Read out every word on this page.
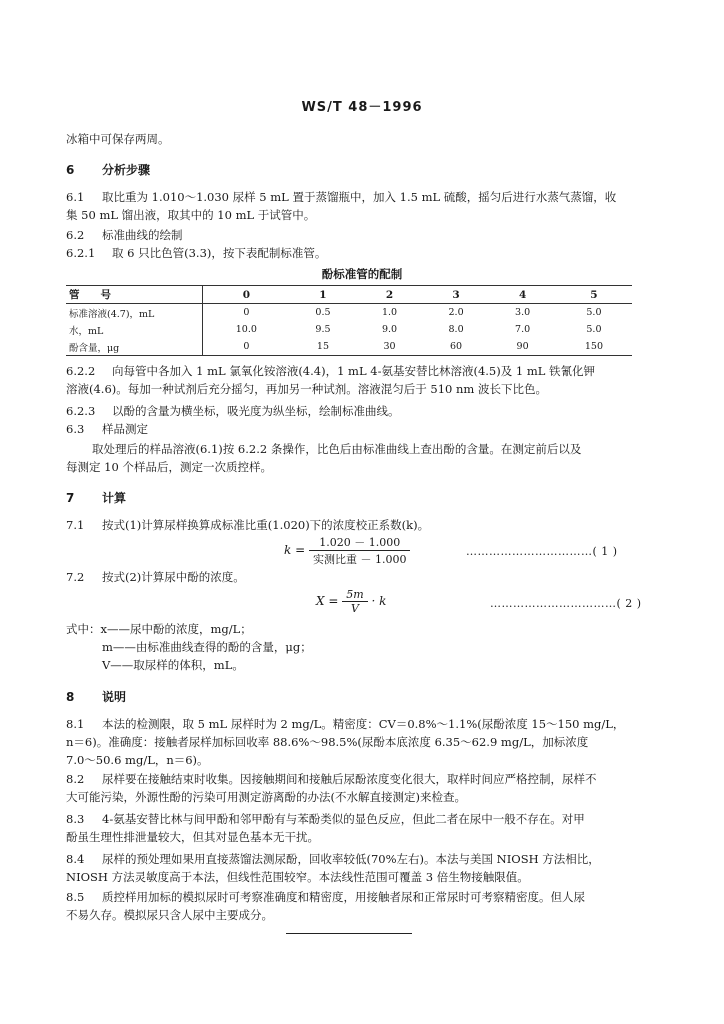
WS/T 48－1996
冰箱中可保存两周。
6 分析步骤
6.1 取比重为 1.010～1.030 尿样 5 mL 置于蒸馏瓶中，加入 1.5 mL 硫酸，摇匀后进行水蒸气蒸馏，收
集 50 mL 馏出液，取其中的 10 mL 于试管中。
6.2 标准曲线的绘制
6.2.1 取 6 只比色管(3.3)，按下表配制标准管。
酚标准管的配制
管　　号	0	1	2	3	4	5
标准溶液(4.7)，mL	0	0.5	1.0	2.0	3.0	5.0
水，mL	10.0	9.5	9.0	8.0	7.0	5.0
酚含量，μg	0	15	30	60	90	150
6.2.2 向每管中各加入 1 mL 氯氧化铵溶液(4.4)，1 mL 4-氨基安替比林溶液(4.5)及 1 mL 铁氰化钾
溶液(4.6)。每加一种试剂后充分摇匀，再加另一种试剂。溶液混匀后于 510 nm 波长下比色。
6.2.3 以酚的含量为横坐标，吸光度为纵坐标，绘制标准曲线。
6.3 样品测定
取处理后的样品溶液(6.1)按 6.2.2 条操作，比色后由标准曲线上查出酚的含量。在测定前后以及
每测定 10 个样品后，测定一次质控样。
7 计算
7.1 按式(1)计算尿样换算成标准比重(1.020)下的浓度校正系数(k)。
$k = \frac{1.020 - 1.000}{\text{实测比重 － 1.000}}$	……………………………( 1 )
7.2 按式(2)计算尿中酚的浓度。
$X = \frac{5m}{V} \cdot k$	……………………………( 2 )
式中：x——尿中酚的浓度，mg/L；
m——由标准曲线查得的酚的含量，μg；
V——取尿样的体积，mL。
8 说明
8.1 本法的检测限，取 5 mL 尿样时为 2 mg/L。精密度：CV＝0.8%～1.1%(尿酚浓度 15～150 mg/L，
n＝6)。准确度：接触者尿样加标回收率 88.6%～98.5%(尿酚本底浓度 6.35～62.9 mg/L，加标浓度
7.0～50.6 mg/L，n＝6)。
8.2 尿样要在接触结束时收集。因接触期间和接触后尿酚浓度变化很大，取样时间应严格控制，尿样不
大可能污染，外源性酚的污染可用测定游离酚的办法(不水解直接测定)来检查。
8.3 4-氨基安替比林与间甲酚和邻甲酚有与苯酚类似的显色反应，但此二者在尿中一般不存在。对甲
酚虽生理性排泄量较大，但其对显色基本无干扰。
8.4 尿样的预处理如果用直接蒸馏法测尿酚，回收率较低(70%左右)。本法与美国 NIOSH 方法相比，
NIOSH 方法灵敏度高于本法，但线性范围较窄。本法线性范围可覆盖 3 倍生物接触限值。
8.5 质控样用加标的模拟尿时可考察准确度和精密度，用接触者尿和正常尿时可考察精密度。但人尿
不易久存。模拟尿只含人尿中主要成分。
